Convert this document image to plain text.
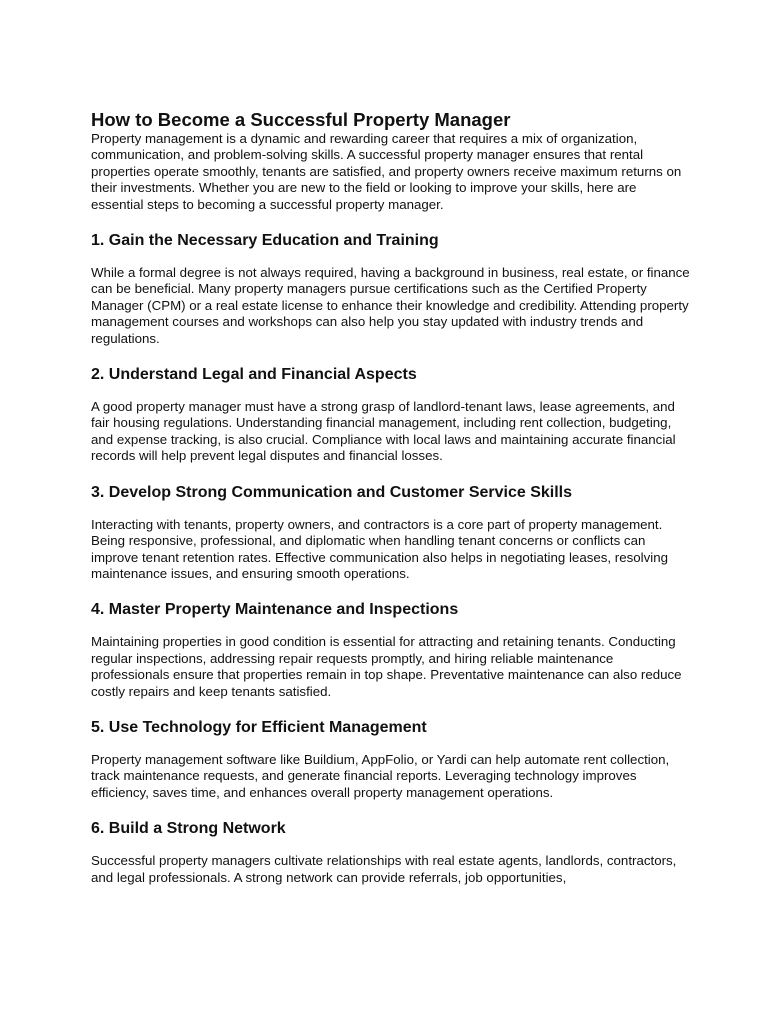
How to Become a Successful Property Manager

Property management is a dynamic and rewarding career that requires a mix of organization, communication, and problem-solving skills. A successful property manager ensures that rental properties operate smoothly, tenants are satisfied, and property owners receive maximum returns on their investments. Whether you are new to the field or looking to improve your skills, here are essential steps to becoming a successful property manager.

1. Gain the Necessary Education and Training

While a formal degree is not always required, having a background in business, real estate, or finance can be beneficial. Many property managers pursue certifications such as the Certified Property Manager (CPM) or a real estate license to enhance their knowledge and credibility. Attending property management courses and workshops can also help you stay updated with industry trends and regulations.

2. Understand Legal and Financial Aspects

A good property manager must have a strong grasp of landlord-tenant laws, lease agreements, and fair housing regulations. Understanding financial management, including rent collection, budgeting, and expense tracking, is also crucial. Compliance with local laws and maintaining accurate financial records will help prevent legal disputes and financial losses.

3. Develop Strong Communication and Customer Service Skills

Interacting with tenants, property owners, and contractors is a core part of property management. Being responsive, professional, and diplomatic when handling tenant concerns or conflicts can improve tenant retention rates. Effective communication also helps in negotiating leases, resolving maintenance issues, and ensuring smooth operations.

4. Master Property Maintenance and Inspections

Maintaining properties in good condition is essential for attracting and retaining tenants. Conducting regular inspections, addressing repair requests promptly, and hiring reliable maintenance professionals ensure that properties remain in top shape. Preventative maintenance can also reduce costly repairs and keep tenants satisfied.

5. Use Technology for Efficient Management

Property management software like Buildium, AppFolio, or Yardi can help automate rent collection, track maintenance requests, and generate financial reports. Leveraging technology improves efficiency, saves time, and enhances overall property management operations.

6. Build a Strong Network

Successful property managers cultivate relationships with real estate agents, landlords, contractors, and legal professionals. A strong network can provide referrals, job opportunities,
